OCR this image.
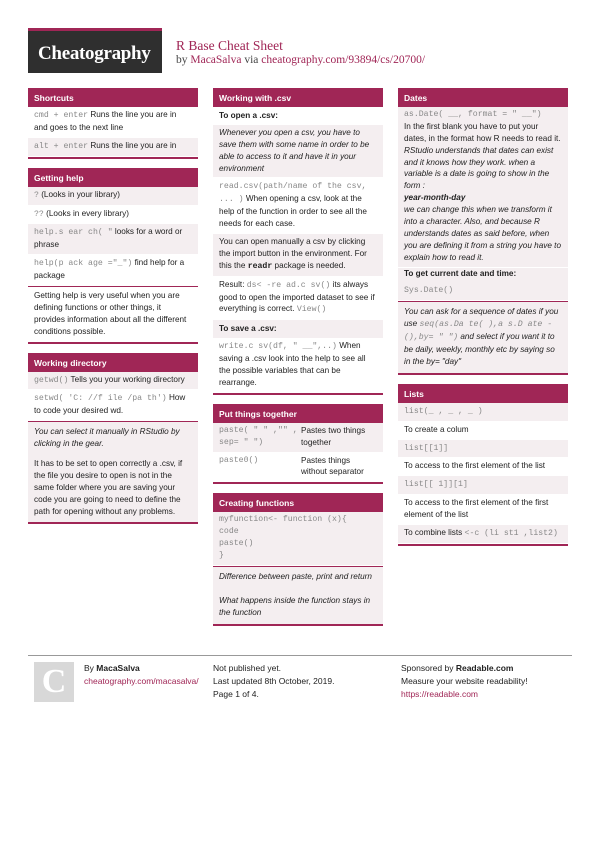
Cheatography R Base Cheat Sheet
by MacaSalva via cheatography.com/93894/cs/20700/
Shortcuts
cmd + enter Runs the line you are in and goes to the next line
alt + enter Runs the line you are in
Getting help
? (Looks in your library)
?? (Looks in every library)
help.s ear ch( " looks for a word or phrase
help(p ack age ="_") find help for a package
Getting help is very useful when you are defining functions or other things, it provides information about all the different conditions possible.
Working directory
getwd() Tells you your working directory
setwd( 'C: //f ile /pa th') How to code your desired wd.
You can select it manually in RStudio by clicking in the gear.
It has to be set to open correctly a .csv, if the file you desire to open is not in the same folder where you are saving your code you are going to need to define the path for opening without any problems.
Working with .csv
To open a .csv:
Whenever you open a csv, you have to save them with some name in order to be able to access to it and have it in your environment
read.csv(path/name of the csv, ... ) When opening a csv, look at the help of the function in order to see all the needs for each case.
You can open manually a csv by clicking the import button in the environment. For this the readr package is needed.
Result: ds< -re ad.c sv() its always good to open the imported dataset to see if everything is correct. View()
To save a .csv:
write.c sv(df, " __",..) When saving a .csv look into the help to see all the possible variables that can be rearrange.
Put things together
paste( " " ,"" , sep= " ")
Pastes two things together
paste0()	Pastes things without separator
Creating functions
myfunction<- function (x){
code
paste()
}
Difference between paste, print and return
What happens inside the function stays in the function
Dates
as.Date( __, format = " __")
In the first blank you have to put your dates, in the format how R needs to read it.
RStudio understands that dates can exist and it knows how they work. when a variable is a date is going to show in the form :
year-month-day
we can change this when we transform it into a character. Also, and because R understands dates as said before, when you are defining it from a string you have to explain how to read it.
To get current date and time:
Sys.Date()
You can ask for a sequence of dates if you use seq(as.Da te( ),a s.D ate - (),by= " ") and select if you want it to be daily, weekly, monthly etc by saying so in the by= "day"
Lists
list(_ , _ , _ )
To create a colum
list[[1]]
To access to the first element of the list
list[[ 1]][1]
To access to the first element of the first element of the list
To combine lists <-c (li st1 ,list2)
C	By MacaSalva
cheatography.com/macasalva/
Not published yet.
Last updated 8th October, 2019.
Page 1 of 4.
Sponsored by Readable.com
Measure your website readability!
https://readable.com
